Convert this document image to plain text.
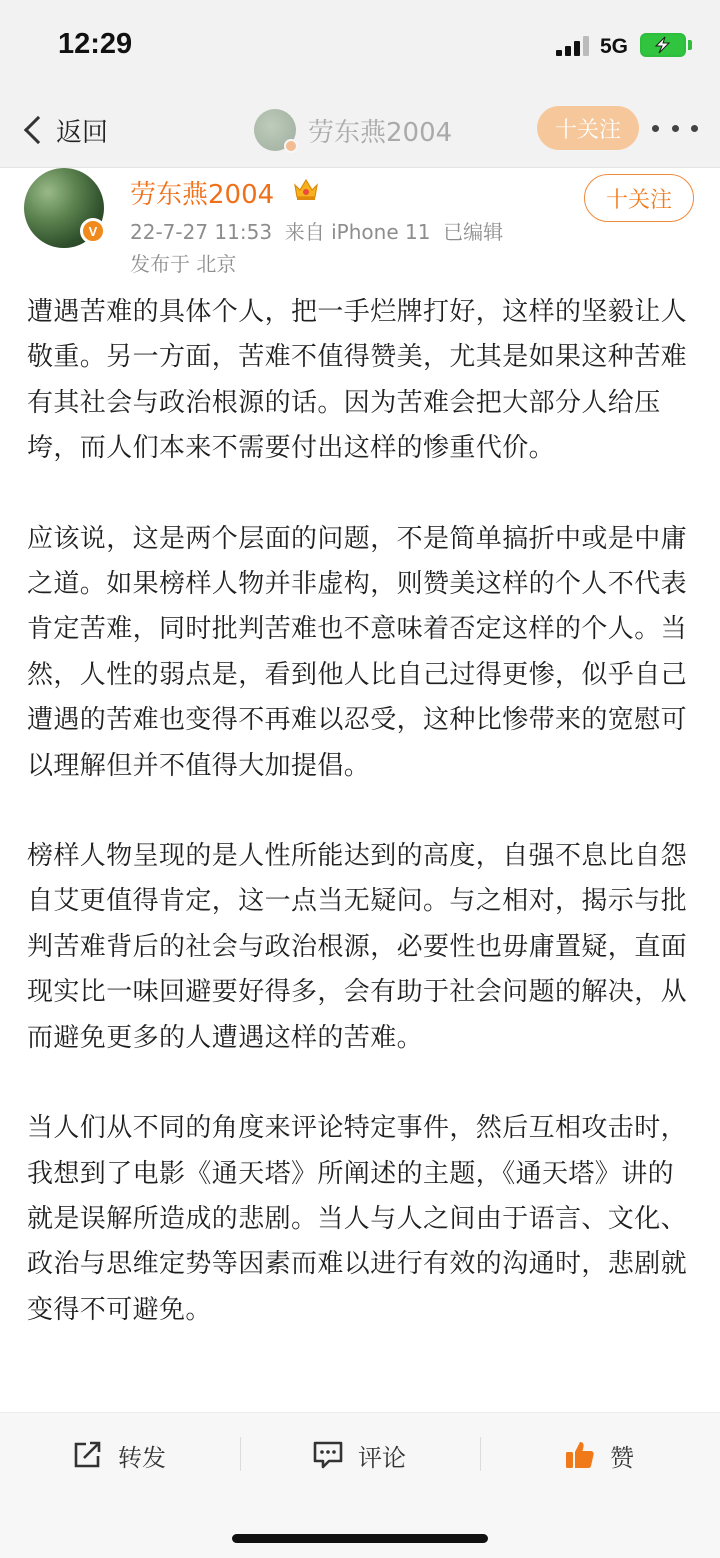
12:29	5G
返回	劳东燕2004	十关注
V
劳东燕2004
22-7-27 11:53  来自 iPhone 11  已编辑
发布于 北京
十关注

遭遇苦难的具体个人，把一手烂牌打好，这样的坚毅让人敬重。另一方面，苦难不值得赞美，尤其是如果这种苦难有其社会与政治根源的话。因为苦难会把大部分人给压垮，而人们本来不需要付出这样的惨重代价。

应该说，这是两个层面的问题，不是简单搞折中或是中庸之道。如果榜样人物并非虚构，则赞美这样的个人不代表肯定苦难，同时批判苦难也不意味着否定这样的个人。当然，人性的弱点是，看到他人比自己过得更惨，似乎自己遭遇的苦难也变得不再难以忍受，这种比惨带来的宽慰可以理解但并不值得大加提倡。

榜样人物呈现的是人性所能达到的高度，自强不息比自怨自艾更值得肯定，这一点当无疑问。与之相对，揭示与批判苦难背后的社会与政治根源，必要性也毋庸置疑，直面现实比一味回避要好得多，会有助于社会问题的解决，从而避免更多的人遭遇这样的苦难。

当人们从不同的角度来评论特定事件，然后互相攻击时，我想到了电影《通天塔》所阐述的主题，《通天塔》讲的就是误解所造成的悲剧。当人与人之间由于语言、文化、政治与思维定势等因素而难以进行有效的沟通时，悲剧就变得不可避免。

转发	评论	赞
